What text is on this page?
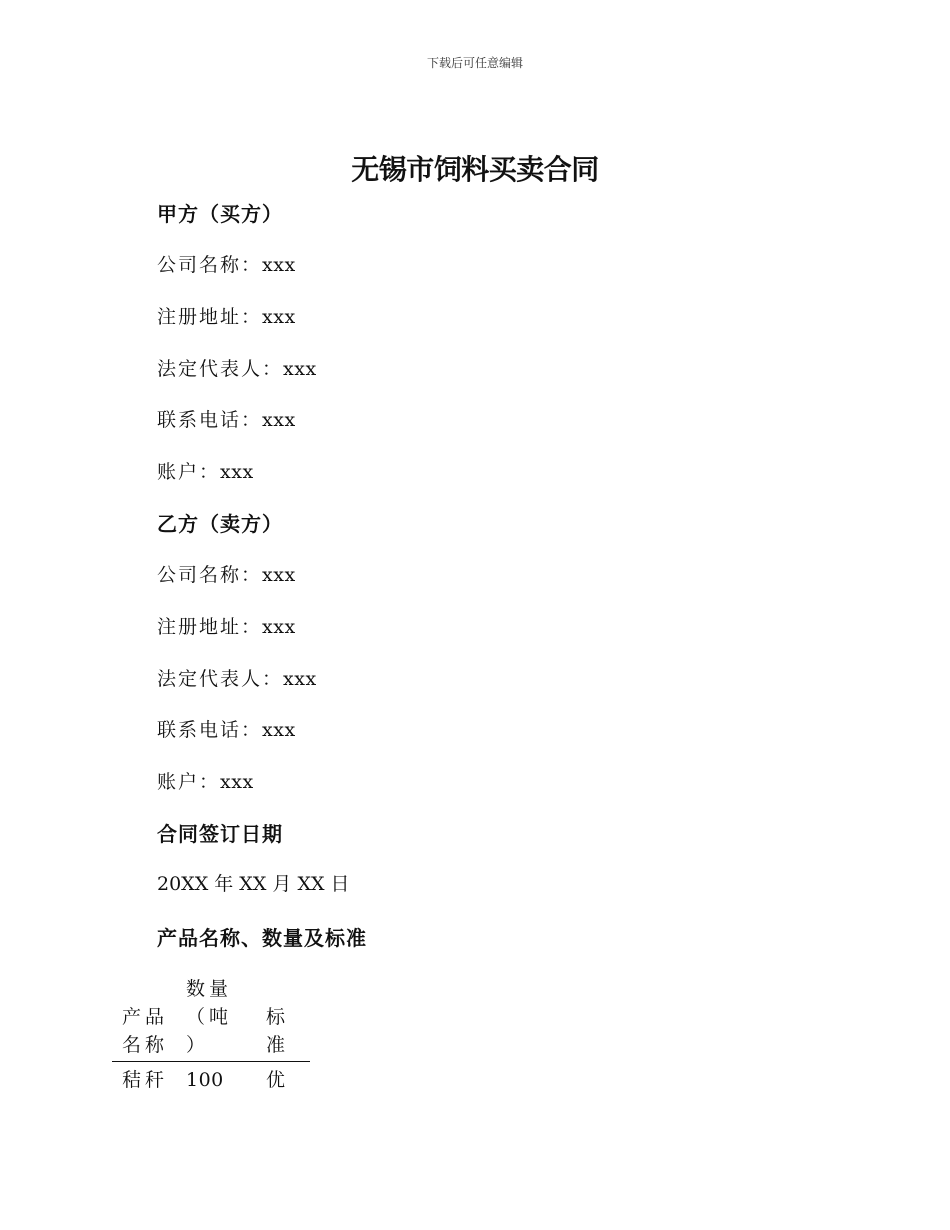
下载后可任意编辑
无锡市饲料买卖合同
甲方（买方）
公司名称：xxx
注册地址：xxx
法定代表人：xxx
联系电话：xxx
账户：xxx
乙方（卖方）
公司名称：xxx
注册地址：xxx
法定代表人：xxx
联系电话：xxx
账户：xxx
合同签订日期
20XX 年 XX 月 XX 日
产品名称、数量及标准

产品
名称
数量
（吨
）

标
准
秸秆 100 优
